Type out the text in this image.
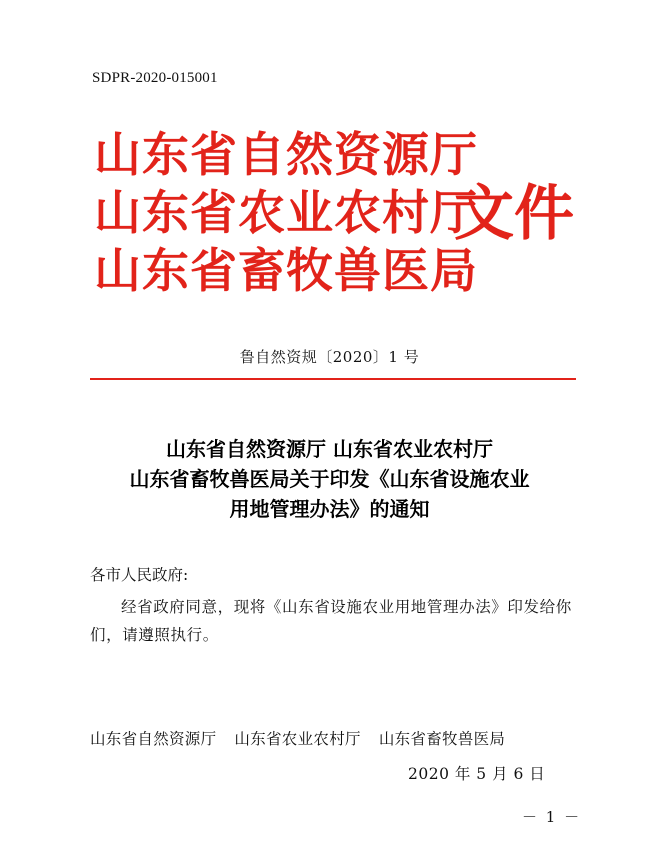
SDPR-2020-015001
山东省自然资源厅
山东省农业农村厅
山东省畜牧兽医局
文件
鲁自然资规〔2020〕1 号
山东省自然资源厅 山东省农业农村厅
山东省畜牧兽医局关于印发《山东省设施农业
用地管理办法》的通知
各市人民政府:
经省政府同意，现将《山东省设施农业用地管理办法》印发给你们，请遵照执行。
山东省自然资源厅 山东省农业农村厅 山东省畜牧兽医局
2020 年 5 月 6 日
－ 1 －
